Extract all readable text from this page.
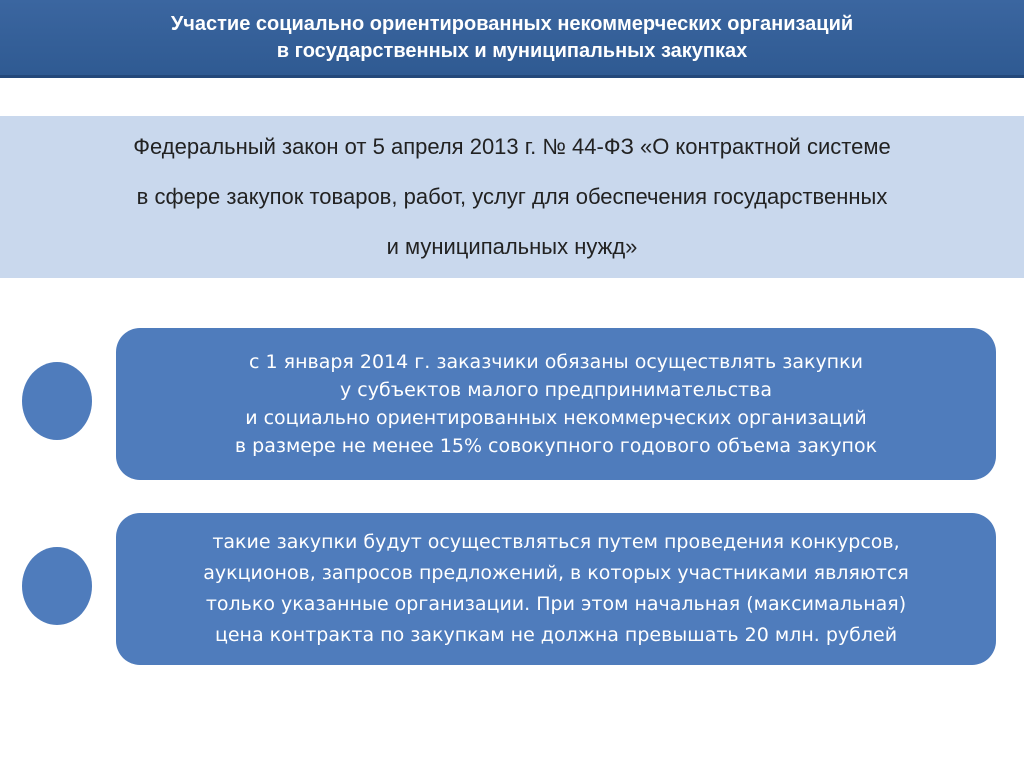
Участие социально ориентированных некоммерческих организаций
в государственных и муниципальных закупках
Федеральный закон от 5 апреля 2013 г. № 44-ФЗ «О контрактной системе
в сфере закупок товаров, работ, услуг для обеспечения государственных
и муниципальных нужд»
с 1 января 2014 г. заказчики обязаны осуществлять закупки
у субъектов малого предпринимательства
и социально ориентированных некоммерческих организаций
в размере не менее 15% совокупного годового объема закупок
такие закупки будут осуществляться путем проведения конкурсов,
аукционов, запросов предложений, в которых участниками являются
только указанные организации. При этом начальная (максимальная)
цена контракта по закупкам не должна превышать 20 млн. рублей
